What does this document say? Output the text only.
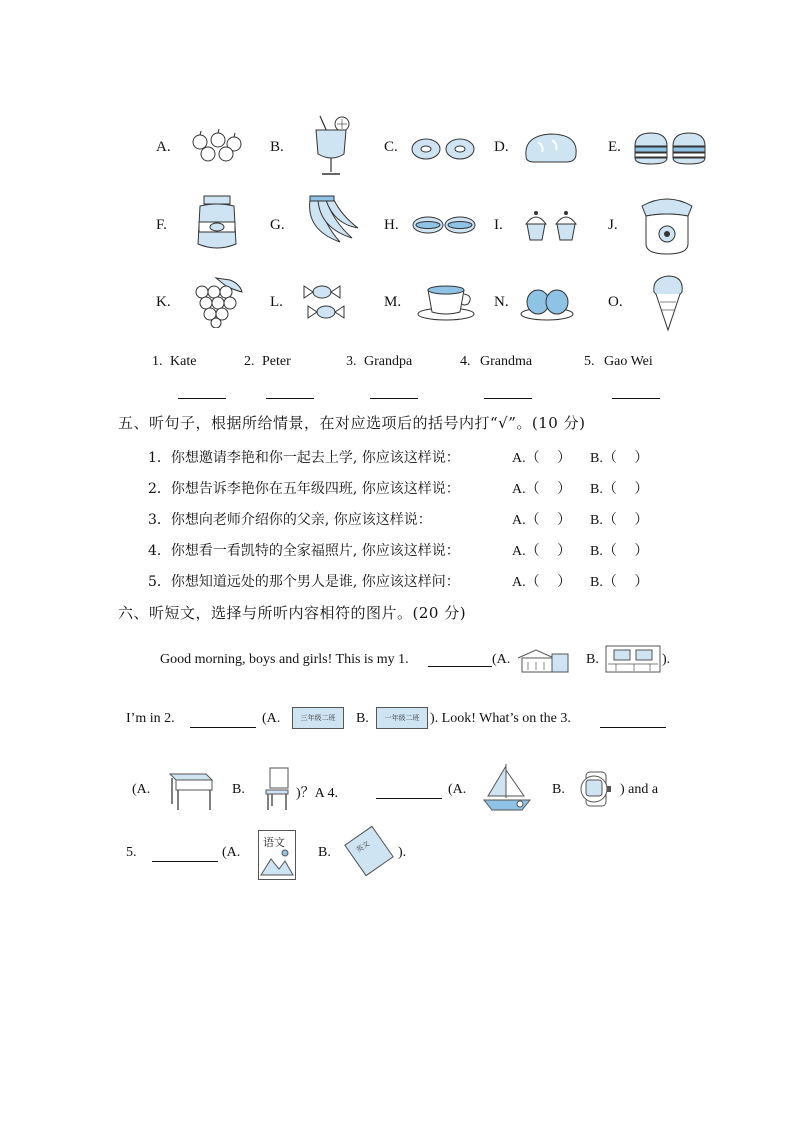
A.	B.	C.	D.	E.
F.	G.	H.	I.	J.
K.	L.	M.	N.	O.
1. Kate	2. Peter	3. Grandpa	4. Grandma	5. Gao Wei
五、听句子，根据所给情景，在对应选项后的括号内打“√”。(10 分)
1．你想邀请李艳和你一起去上学, 你应该这样说：	A.（　 ） B.（　 ）
2．你想告诉李艳你在五年级四班, 你应该这样说：	A.（　 ） B.（　 ）
3．你想向老师介绍你的父亲, 你应该这样说：	A.（　 ） B.（　 ）
4．你想看一看凯特的全家福照片, 你应该这样说：	A.（　 ） B.（　 ）
5．你想知道远处的那个男人是谁, 你应该这样问：	A.（　 ） B.（　 ）
六、听短文，选择与所听内容相符的图片。(20 分)
Good morning, boys and girls! This is my 1.	(A.	B.	).
I’m in 2.	(A.	三年级二班	B.	一年级二班 ). Look! What’s on the 3.
(A.	B.	)？A 4.	(A.	B.	) and a
5.	(A.
语文
B.	英文 ).
